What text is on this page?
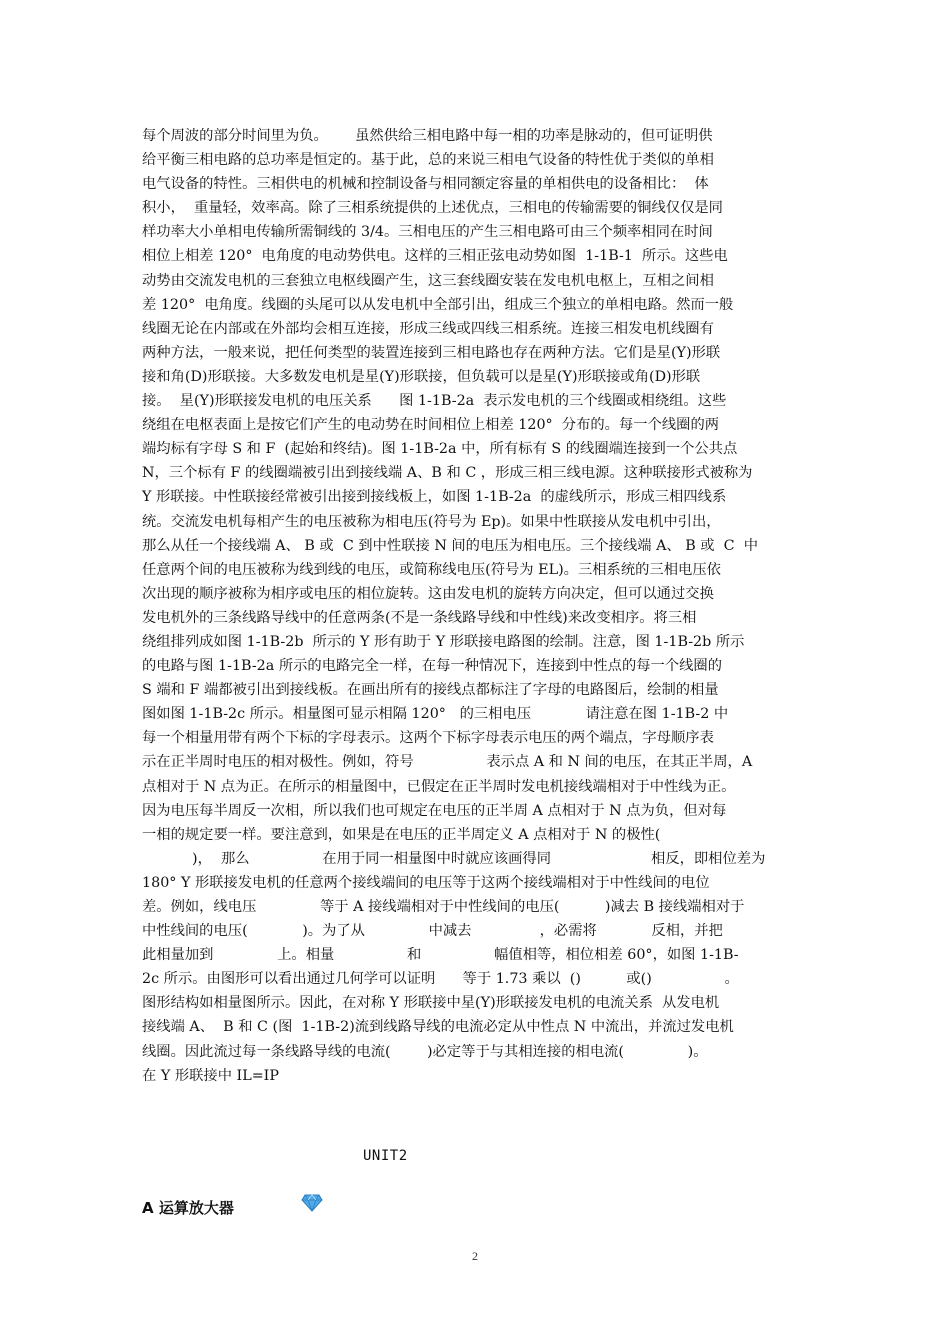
每个周波的部分时间里为负。      虽然供给三相电路中每一相的功率是脉动的，但可证明供
给平衡三相电路的总功率是恒定的。基于此，总的来说三相电气设备的特性优于类似的单相
电气设备的特性。三相供电的机械和控制设备与相同额定容量的单相供电的设备相比：  体
积小，  重量轻，效率高。除了三相系统提供的上述优点，三相电的传输需要的铜线仅仅是同
样功率大小单相电传输所需铜线的 3/4。三相电压的产生三相电路可由三个频率相同在时间
相位上相差 120°  电角度的电动势供电。这样的三相正弦电动势如图  1-1B-1  所示。这些电
动势由交流发电机的三套独立电枢线圈产生，这三套线圈安装在发电机电枢上，互相之间相
差 120°  电角度。线圈的头尾可以从发电机中全部引出，组成三个独立的单相电路。然而一般
线圈无论在内部或在外部均会相互连接，形成三线或四线三相系统。连接三相发电机线圈有
两种方法，一般来说，把任何类型的装置连接到三相电路也存在两种方法。它们是星(Y)形联
接和角(D)形联接。大多数发电机是星(Y)形联接，但负载可以是星(Y)形联接或角(D)形联
接。  星(Y)形联接发电机的电压关系      图 1-1B-2a  表示发电机的三个线圈或相绕组。这些
绕组在电枢表面上是按它们产生的电动势在时间相位上相差 120°  分布的。每一个线圈的两
端均标有字母 S 和 F  (起始和终结)。图 1-1B-2a 中，所有标有 S 的线圈端连接到一个公共点
N，三个标有 F 的线圈端被引出到接线端 A、B 和 C ，形成三相三线电源。这种联接形式被称为
Y 形联接。中性联接经常被引出接到接线板上，如图 1-1B-2a  的虚线所示，形成三相四线系
统。交流发电机每相产生的电压被称为相电压(符号为 Ep)。如果中性联接从发电机中引出，
那么从任一个接线端 A、 B 或  C 到中性联接 N 间的电压为相电压。三个接线端 A、 B 或  C  中
任意两个间的电压被称为线到线的电压，或简称线电压(符号为 EL)。三相系统的三相电压依
次出现的顺序被称为相序或电压的相位旋转。这由发电机的旋转方向决定，但可以通过交换
发电机外的三条线路导线中的任意两条(不是一条线路导线和中性线)来改变相序。将三相
绕组排列成如图 1-1B-2b  所示的 Y 形有助于 Y 形联接电路图的绘制。注意，图 1-1B-2b 所示
的电路与图 1-1B-2a 所示的电路完全一样，在每一种情况下，连接到中性点的每一个线圈的
S 端和 F 端都被引出到接线板。在画出所有的接线点都标注了字母的电路图后，绘制的相量
图如图 1-1B-2c 所示。相量图可显示相隔 120°   的三相电压            请注意在图 1-1B-2 中
每一个相量用带有两个下标的字母表示。这两个下标字母表示电压的两个端点，字母顺序表
示在正半周时电压的相对极性。例如，符号                表示点 A 和 N 间的电压，在其正半周，A
点相对于 N 点为正。在所示的相量图中，已假定在正半周时发电机接线端相对于中性线为正。
因为电压每半周反一次相，所以我们也可规定在电压的正半周 A 点相对于 N 点为负，但对每
一相的规定要一样。要注意到，如果是在电压的正半周定义 A 点相对于 N 的极性(
)，  那么                在用于同一相量图中时就应该画得同                      相反，即相位差为
180° Y 形联接发电机的任意两个接线端间的电压等于这两个接线端相对于中性线间的电位
差。例如，线电压              等于 A 接线端相对于中性线间的电压(          )减去 B 接线端相对于
中性线间的电压(            )。为了从              中减去               ，必需将            反相，并把
此相量加到              上。相量                和                幅值相等，相位相差 60°，如图 1-1B-
2c 所示。由图形可以看出通过几何学可以证明      等于 1.73 乘以  ()          或()                。
图形结构如相量图所示。因此，在对称 Y 形联接中星(Y)形联接发电机的电流关系  从发电机
接线端 A、  B 和 C (图  1-1B-2)流到线路导线的电流必定从中性点 N 中流出，并流过发电机
线圈。因此流过每一条线路导线的电流(        )必定等于与其相连接的相电流(              )。
在 Y 形联接中 IL=IP
UNIT2
A 运算放大器
2
